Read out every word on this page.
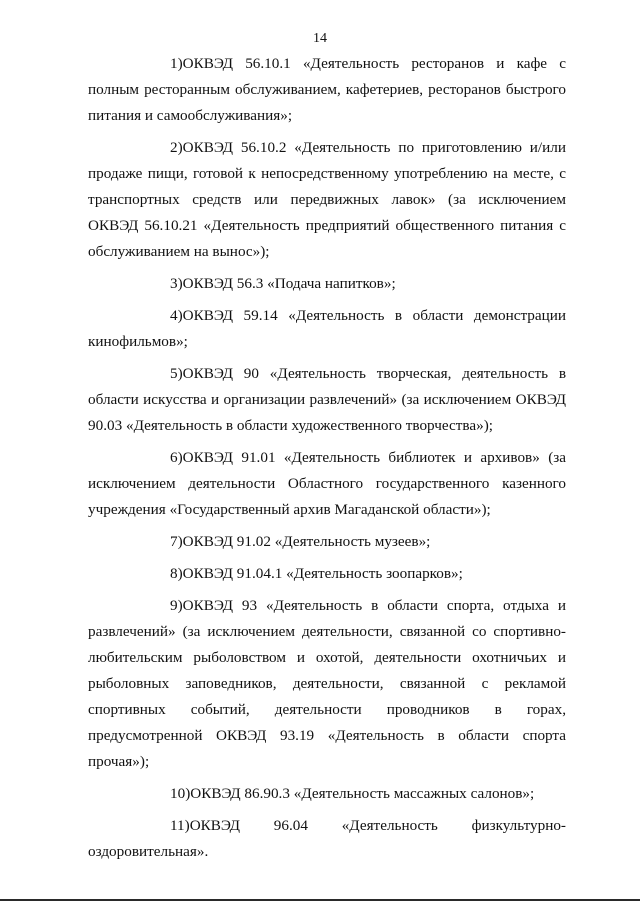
14

1)ОКВЭД 56.10.1 «Деятельность ресторанов и кафе с полным ресторанным обслуживанием, кафетериев, ресторанов быстрого питания и самообслуживания»;

2)ОКВЭД 56.10.2 «Деятельность по приготовлению и/или продаже пищи, готовой к непосредственному употреблению на месте, с транспортных средств или передвижных лавок» (за исключением ОКВЭД 56.10.21 «Деятельность предприятий общественного питания с обслуживанием на вынос»);

3)ОКВЭД 56.3 «Подача напитков»;

4)ОКВЭД 59.14 «Деятельность в области демонстрации кинофильмов»;

5)ОКВЭД 90 «Деятельность творческая, деятельность в области искусства и организации развлечений» (за исключением ОКВЭД 90.03 «Деятельность в области художественного творчества»);

6)ОКВЭД 91.01 «Деятельность библиотек и архивов» (за исключением деятельности Областного государственного казенного учреждения «Государственный архив Магаданской области»);

7)ОКВЭД 91.02 «Деятельность музеев»;

8)ОКВЭД 91.04.1 «Деятельность зоопарков»;

9)ОКВЭД 93 «Деятельность в области спорта, отдыха и развлечений» (за исключением деятельности, связанной со спортивно-любительским рыболовством и охотой, деятельности охотничьих и рыболовных заповедников, деятельности, связанной с рекламой спортивных событий, деятельности проводников в горах, предусмотренной ОКВЭД 93.19 «Деятельность в области спорта прочая»);

10)ОКВЭД 86.90.3 «Деятельность массажных салонов»;

11)ОКВЭД 96.04 «Деятельность физкультурно-оздоровительная».
